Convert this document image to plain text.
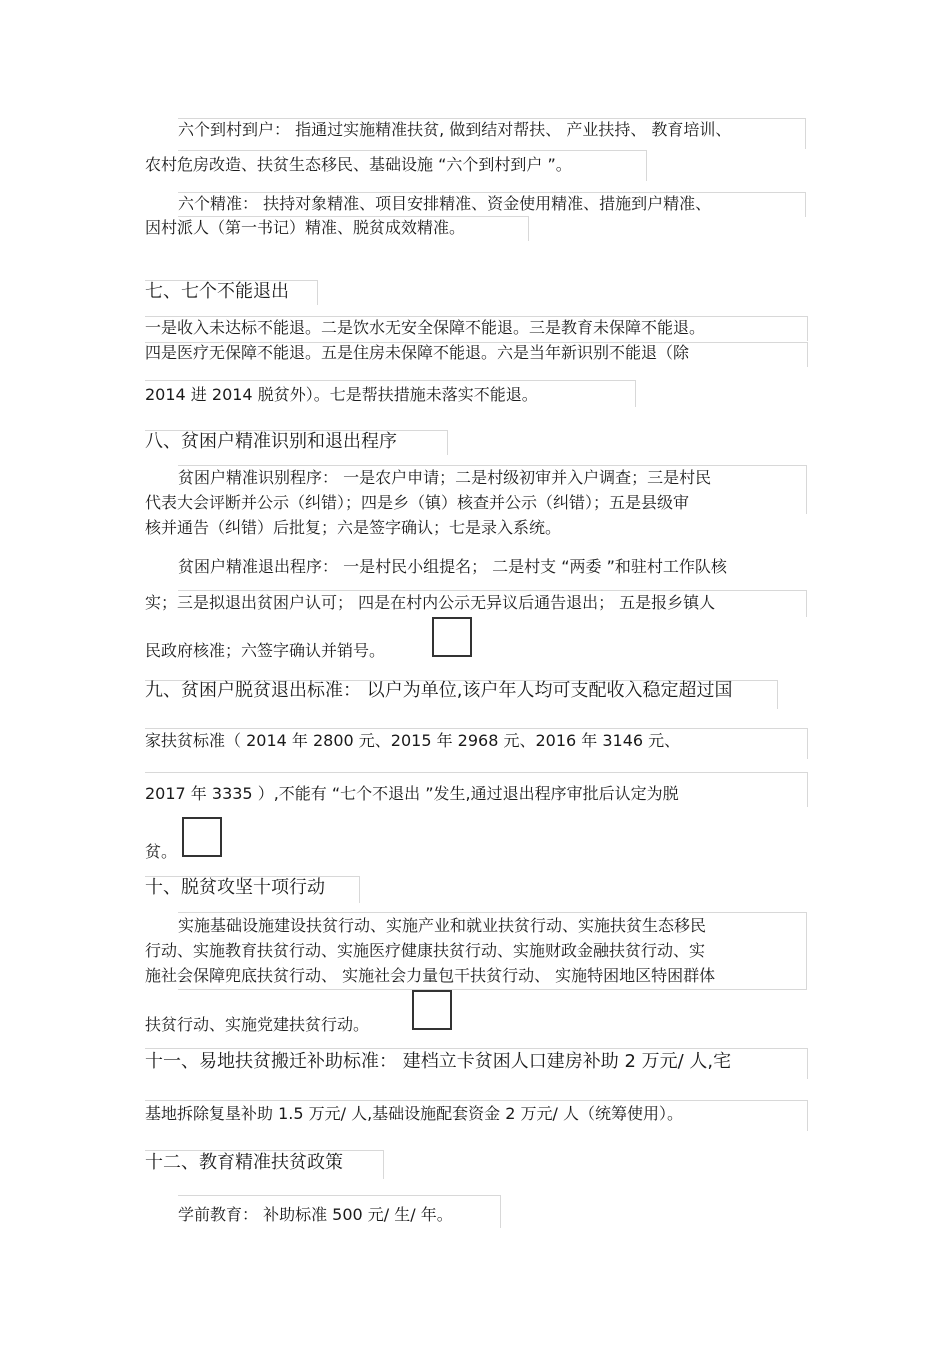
六个到村到户： 指通过实施精准扶贫, 做到结对帮扶、 产业扶持、 教育培训、
农村危房改造、扶贫生态移民、基础设施 “六个到村到户 ”。
六个精准： 扶持对象精准、项目安排精准、资金使用精准、措施到户精准、
因村派人（第一书记）精准、脱贫成效精准。
七、七个不能退出
一是收入未达标不能退。二是饮水无安全保障不能退。三是教育未保障不能退。
四是医疗无保障不能退。五是住房未保障不能退。六是当年新识别不能退（除
2014 进 2014 脱贫外）。七是帮扶措施未落实不能退。
八、贫困户精准识别和退出程序
贫困户精准识别程序： 一是农户申请；二是村级初审并入户调查；三是村民
代表大会评断并公示（纠错）；四是乡（镇）核查并公示（纠错）；五是县级审
核并通告（纠错）后批复；六是签字确认；七是录入系统。
贫困户精准退出程序： 一是村民小组提名； 二是村支 “两委 ”和驻村工作队核
实；三是拟退出贫困户认可； 四是在村内公示无异议后通告退出； 五是报乡镇人
民政府核准；六签字确认并销号。
九、贫困户脱贫退出标准： 以户为单位,该户年人均可支配收入稳定超过国
家扶贫标准（ 2014 年 2800 元、2015 年 2968 元、2016 年 3146 元、
2017 年 3335 ）,不能有 “七个不退出 ”发生,通过退出程序审批后认定为脱
贫。
十、脱贫攻坚十项行动
实施基础设施建设扶贫行动、实施产业和就业扶贫行动、实施扶贫生态移民
行动、实施教育扶贫行动、实施医疗健康扶贫行动、实施财政金融扶贫行动、实
施社会保障兜底扶贫行动、 实施社会力量包干扶贫行动、 实施特困地区特困群体
扶贫行动、实施党建扶贫行动。
十一、易地扶贫搬迁补助标准： 建档立卡贫困人口建房补助 2 万元/ 人,宅
基地拆除复垦补助 1.5 万元/ 人,基础设施配套资金 2 万元/ 人（统筹使用）。
十二、教育精准扶贫政策
学前教育： 补助标准 500 元/ 生/ 年。
